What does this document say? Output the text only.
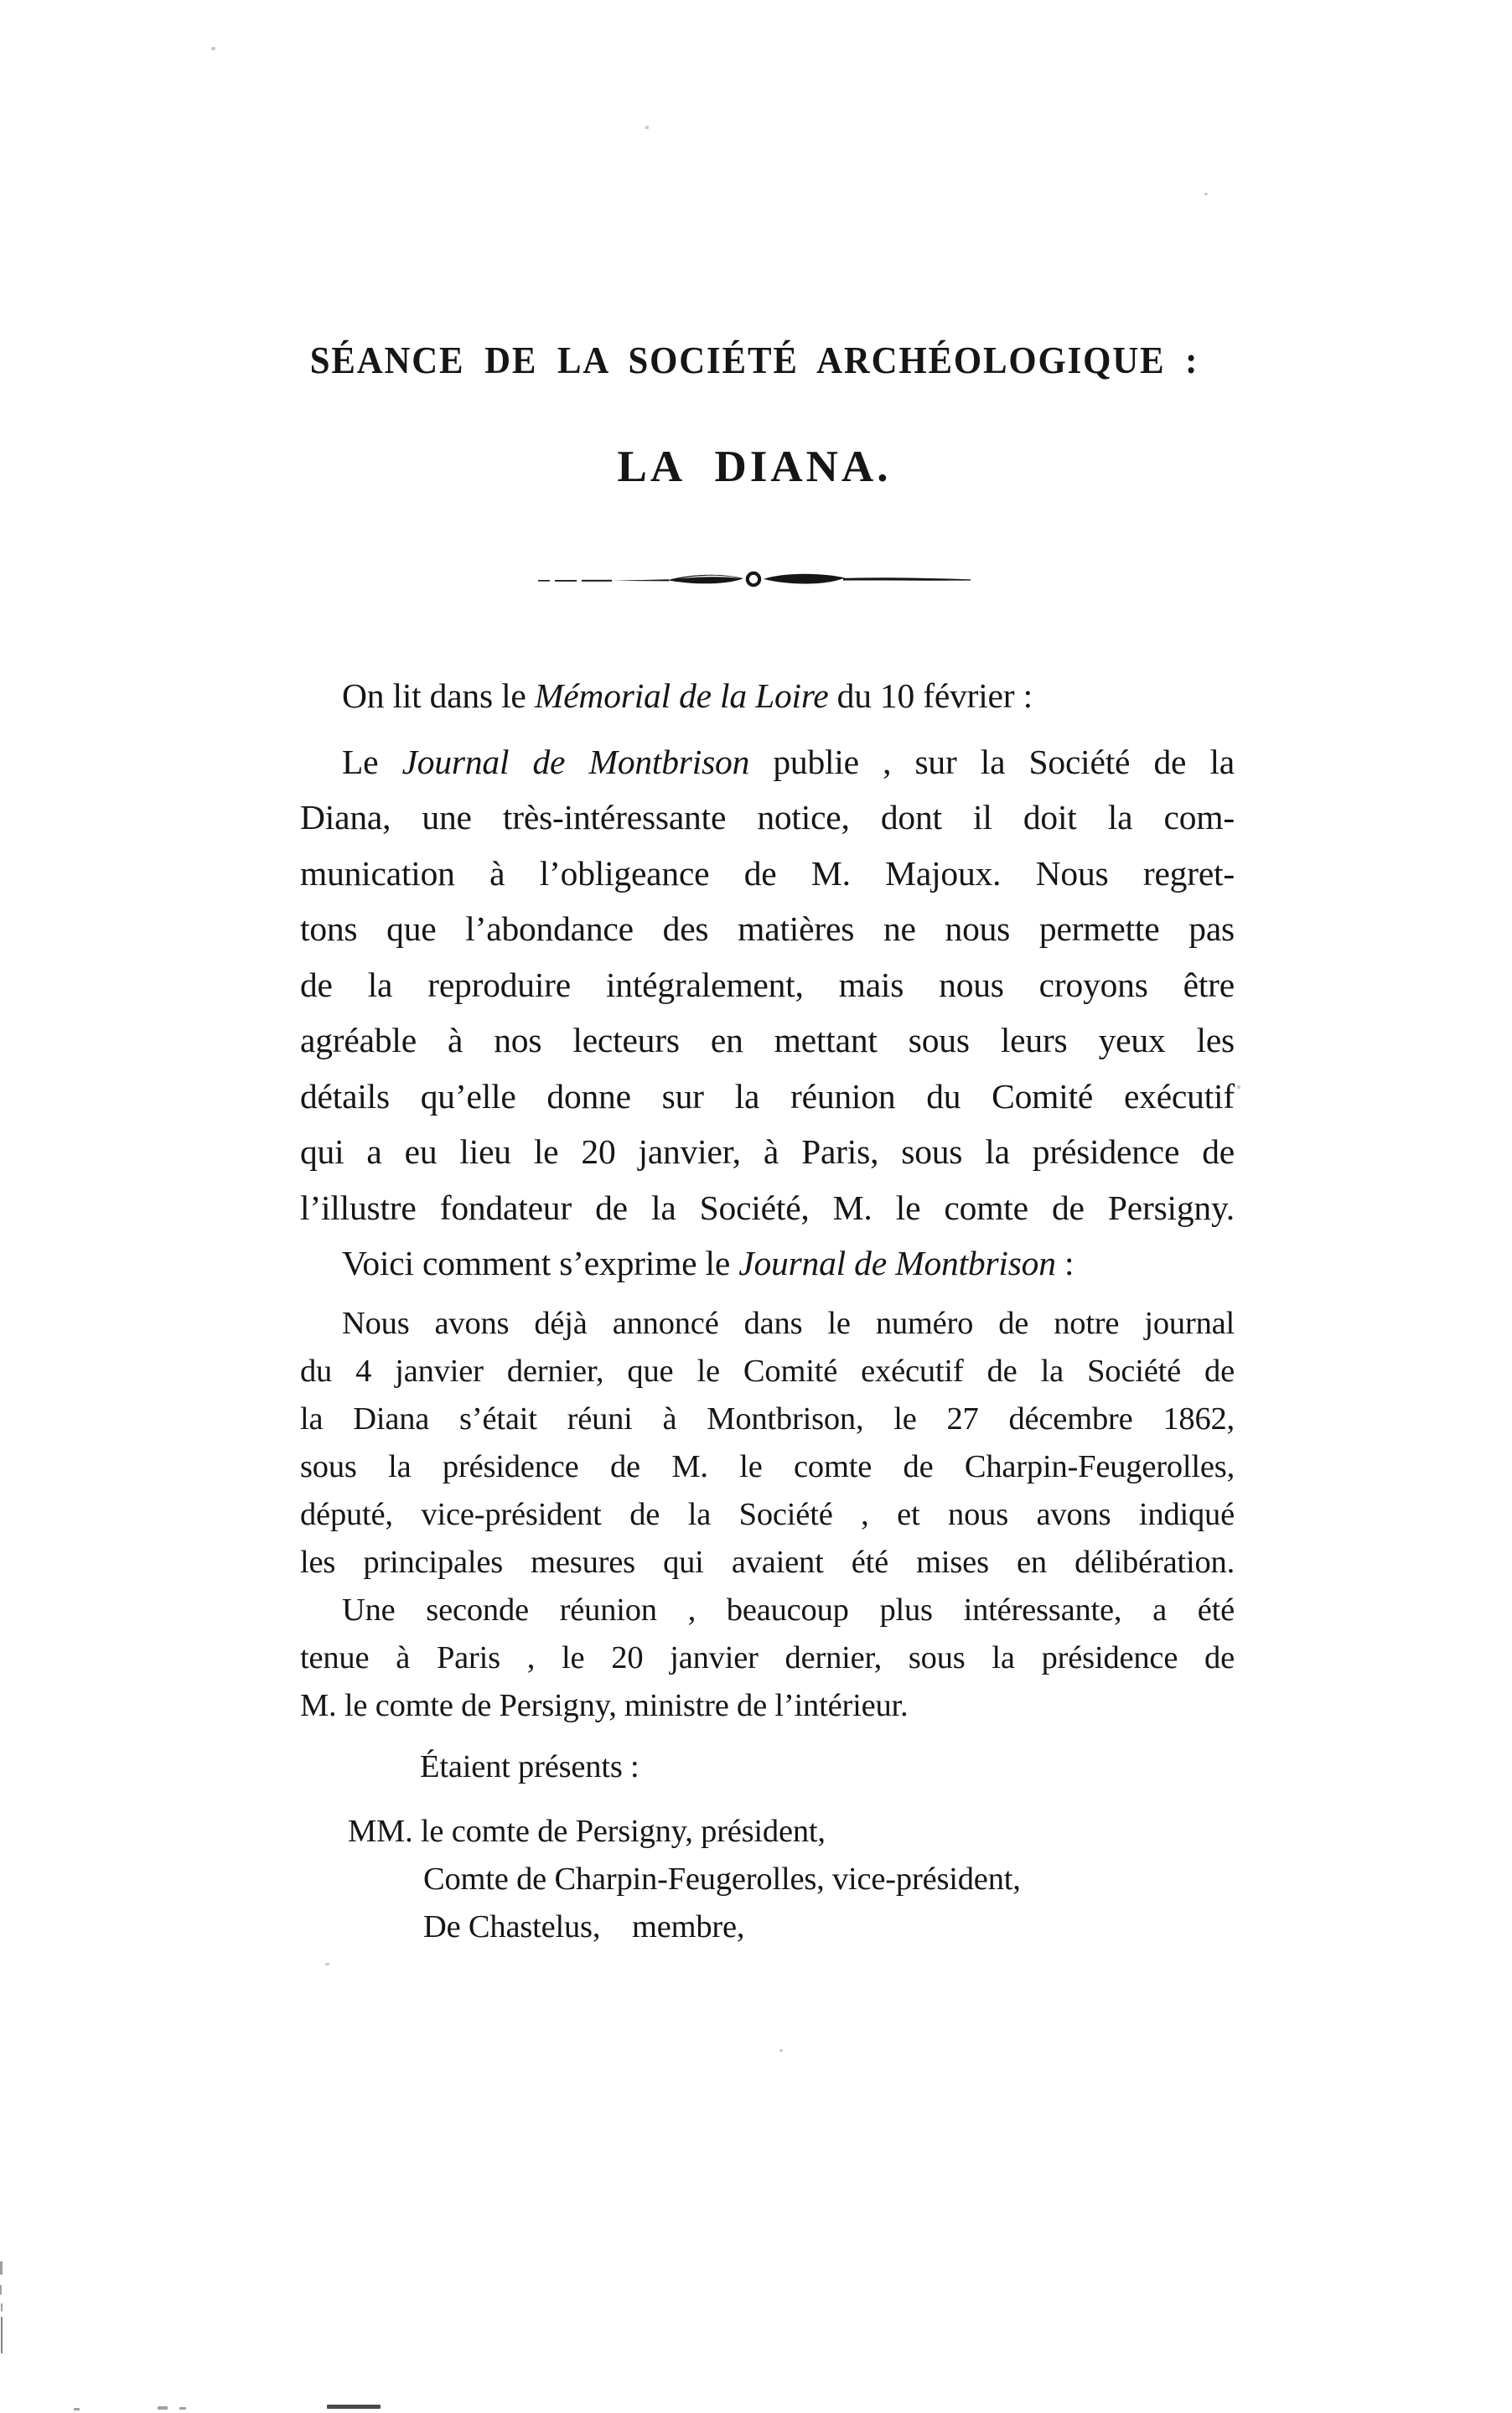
SÉANCE DE LA SOCIÉTÉ ARCHÉOLOGIQUE :
LA DIANA.
On lit dans le Mémorial de la Loire du 10 février :
Le Journal de Montbrison publie , sur la Société de la
Diana, une très-intéressante notice, dont il doit la com-
munication à l’obligeance de M. Majoux. Nous regret-
tons que l’abondance des matières ne nous permette pas
de la reproduire intégralement, mais nous croyons être
agréable à nos lecteurs en mettant sous leurs yeux les
détails qu’elle donne sur la réunion du Comité exécutif
qui a eu lieu le 20 janvier, à Paris, sous la présidence de
l’illustre fondateur de la Société, M. le comte de Persigny.
Voici comment s’exprime le Journal de Montbrison :
Nous avons déjà annoncé dans le numéro de notre journal
du 4 janvier dernier, que le Comité exécutif de la Société de
la Diana s’était réuni à Montbrison, le 27 décembre 1862,
sous la présidence de M. le comte de Charpin-Feugerolles,
député, vice-président de la Société , et nous avons indiqué
les principales mesures qui avaient été mises en délibération.
Une seconde réunion , beaucoup plus intéressante, a été
tenue à Paris , le 20 janvier dernier, sous la présidence de
M. le comte de Persigny, ministre de l’intérieur.
Étaient présents :
MM. le comte de Persigny, président,
Comte de Charpin-Feugerolles, vice-président,
De Chastelus,    membre,
